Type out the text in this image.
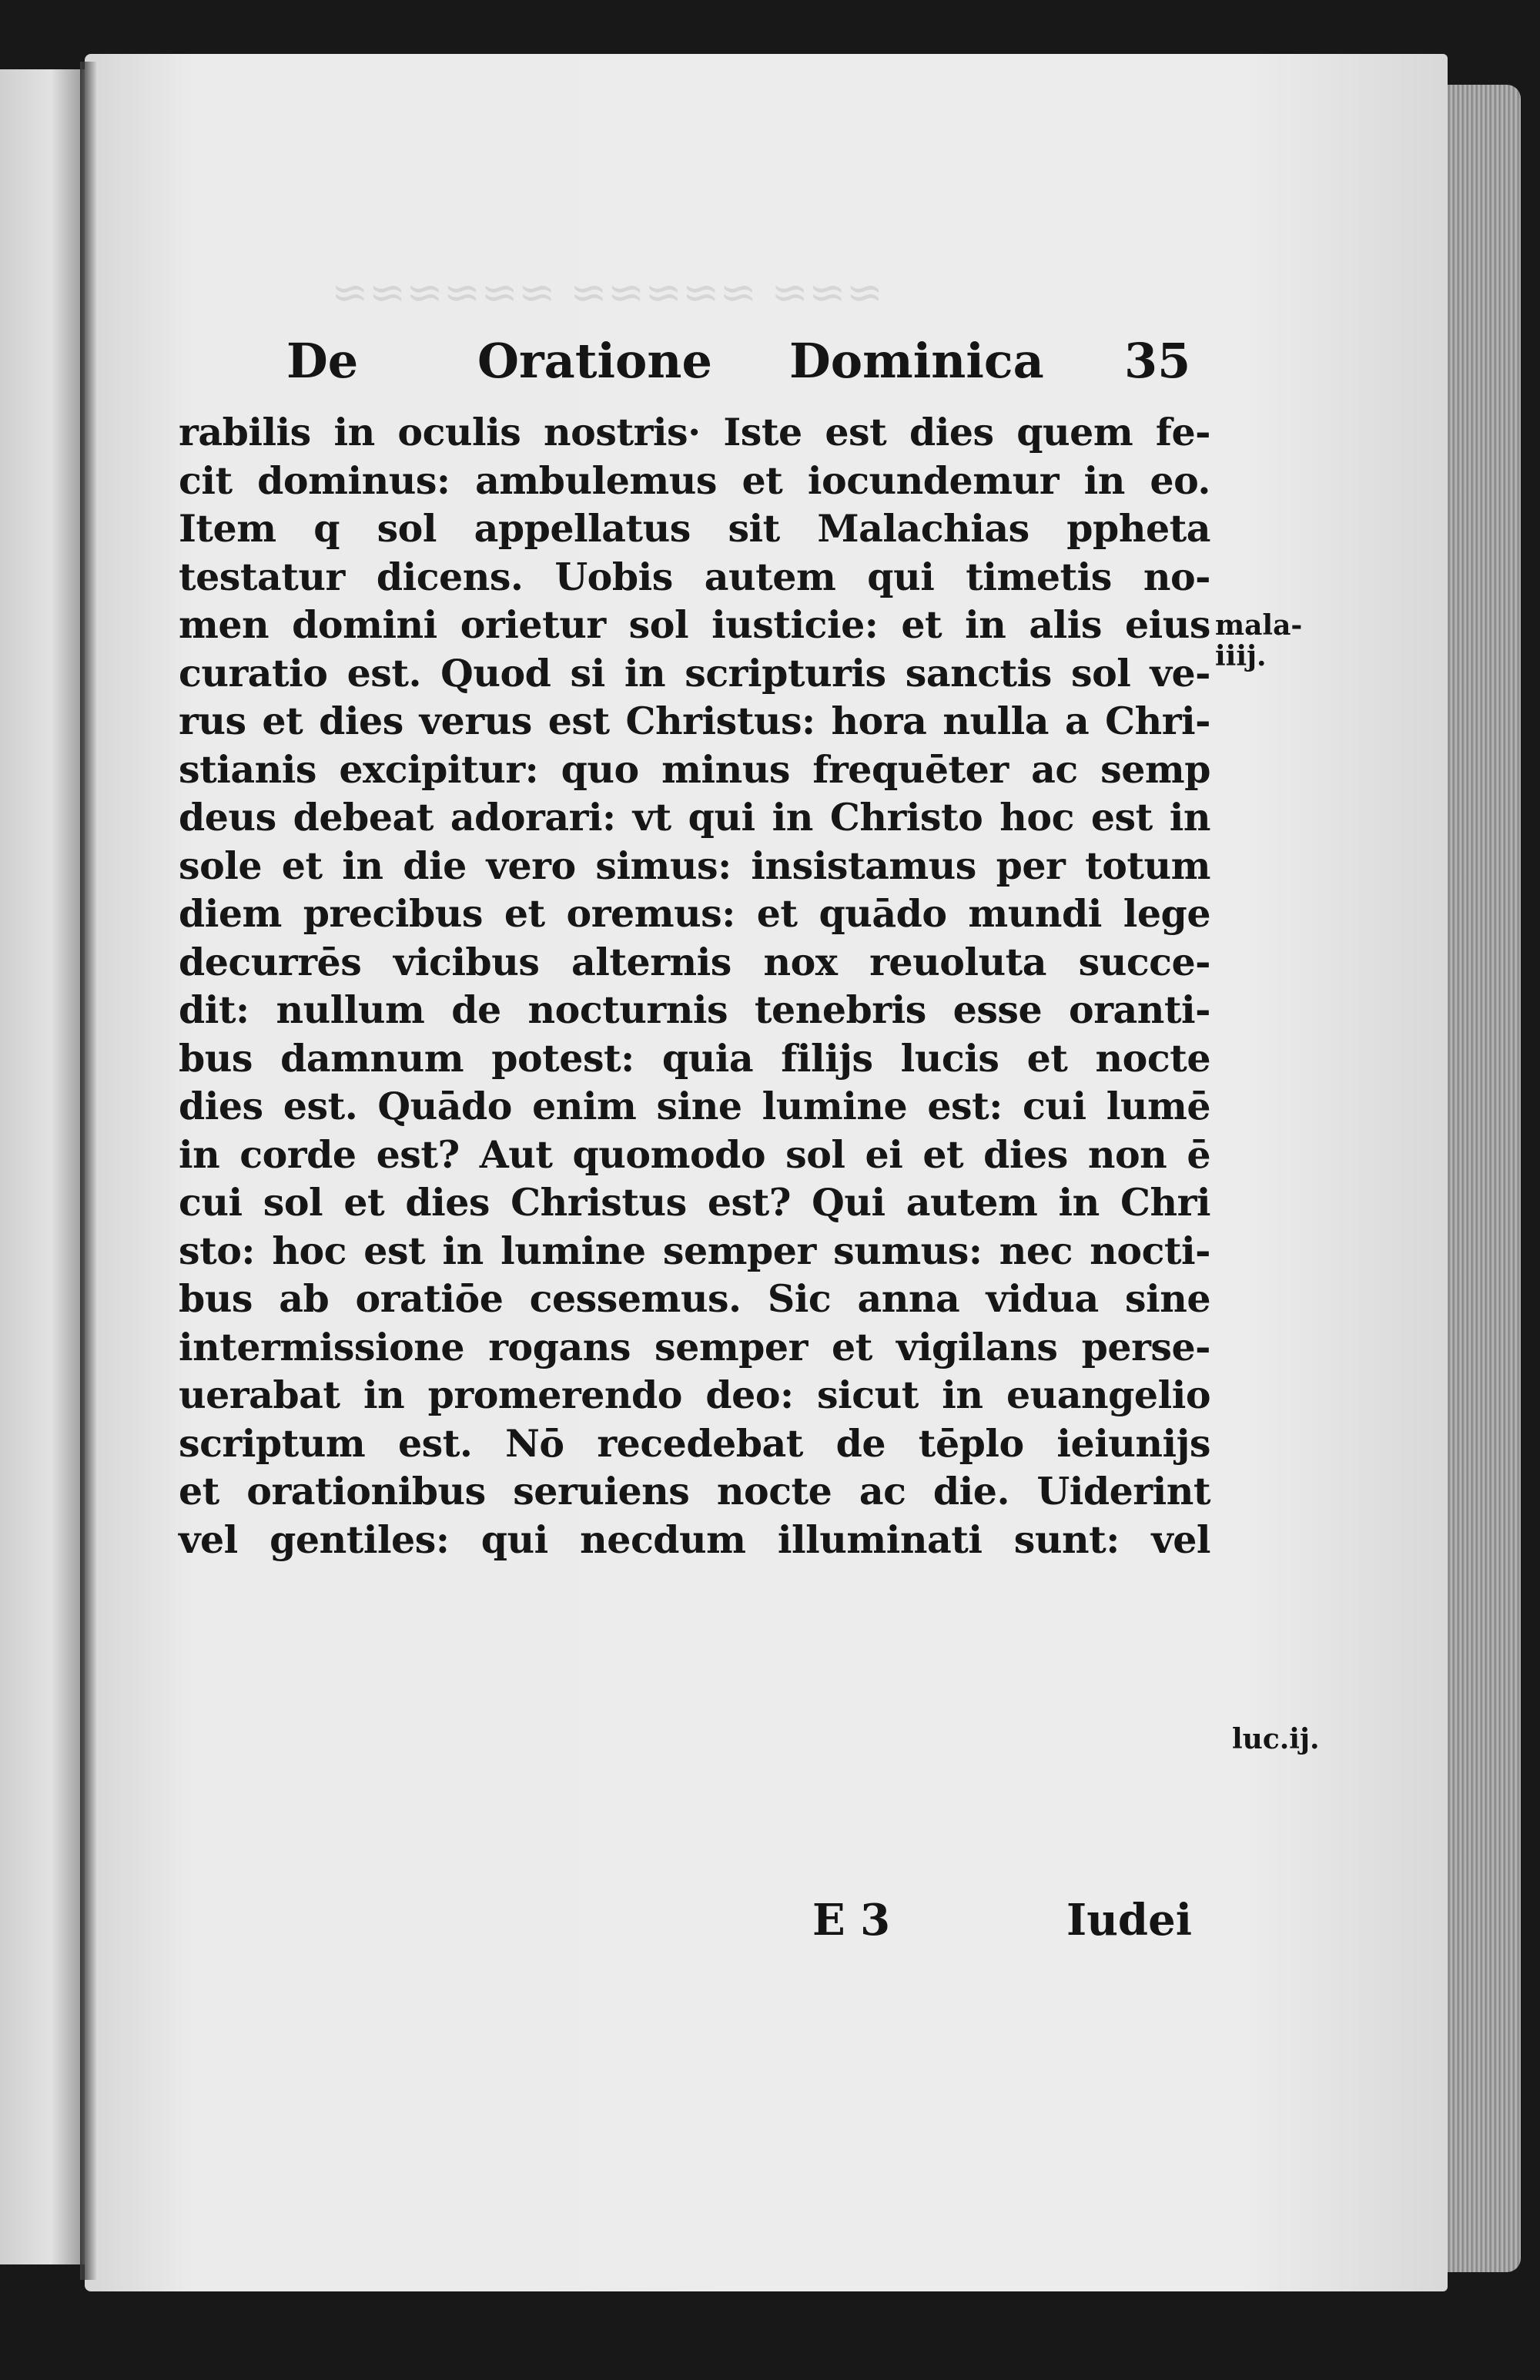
≈≈≈ ≈≈≈≈≈ ≈≈≈≈≈≈
De Oratione Dominica 35
rabilis in oculis nostris· Iste est dies quem fe-
cit dominus: ambulemus et iocundemur in eo.
Item q sol appellatus sit Malachias ppheta
testatur dicens. Uobis autem qui timetis no-
men domini orietur sol iusticie: et in alis eius
curatio est. Quod si in scripturis sanctis sol ve-
rus et dies verus est Christus: hora nulla a Chri-
stianis excipitur: quo minus frequēter ac semp
deus debeat adorari: vt qui in Christo hoc est in
sole et in die vero simus: insistamus per totum
diem precibus et oremus: et quādo mundi lege
decurrēs vicibus alternis nox reuoluta succe-
dit: nullum de nocturnis tenebris esse oranti-
bus damnum potest: quia filijs lucis et nocte
dies est. Quādo enim sine lumine est: cui lumē
in corde est? Aut quomodo sol ei et dies non ē
cui sol et dies Christus est? Qui autem in Chri
sto: hoc est in lumine semper sumus: nec nocti-
bus ab oratiōe cessemus. Sic anna vidua sine
intermissione rogans semper et vigilans perse-
uerabat in promerendo deo: sicut in euangelio
scriptum est. Nō recedebat de tēplo ieiunijs
et orationibus seruiens nocte ac die. Uiderint
vel gentiles: qui necdum illuminati sunt: vel
mala-
iiij.
luc.ij.
E 3	Iudei
